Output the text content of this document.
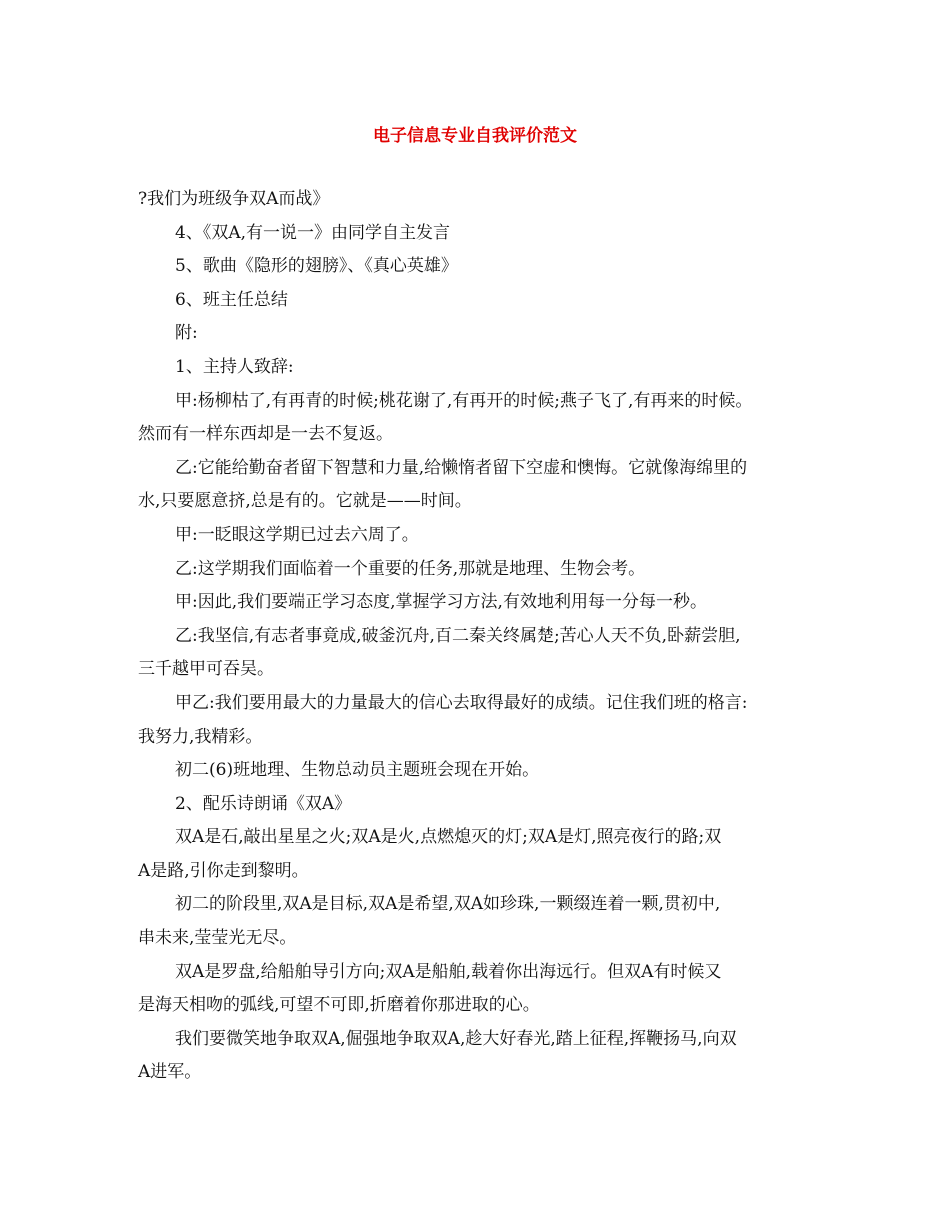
电子信息专业自我评价范文

?我们为班级争双A而战》

4、《双A,有一说一》由同学自主发言

5、歌曲《隐形的翅膀》、《真心英雄》

6、班主任总结

附:

1、主持人致辞:

甲:杨柳枯了,有再青的时候;桃花谢了,有再开的时候;燕子飞了,有再来的时候。

然而有一样东西却是一去不复返。

乙:它能给勤奋者留下智慧和力量,给懒惰者留下空虚和懊悔。它就像海绵里的

水,只要愿意挤,总是有的。它就是——时间。

甲:一眨眼这学期已过去六周了。

乙:这学期我们面临着一个重要的任务,那就是地理、生物会考。

甲:因此,我们要端正学习态度,掌握学习方法,有效地利用每一分每一秒。

乙:我坚信,有志者事竟成,破釜沉舟,百二秦关终属楚;苦心人天不负,卧薪尝胆,

三千越甲可吞吴。

甲乙:我们要用最大的力量最大的信心去取得最好的成绩。记住我们班的格言:

我努力,我精彩。

初二(6)班地理、生物总动员主题班会现在开始。

2、配乐诗朗诵《双A》

双A是石,敲出星星之火;双A是火,点燃熄灭的灯;双A是灯,照亮夜行的路;双

A是路,引你走到黎明。

初二的阶段里,双A是目标,双A是希望,双A如珍珠,一颗缀连着一颗,贯初中,

串未来,莹莹光无尽。

双A是罗盘,给船舶导引方向;双A是船舶,载着你出海远行。但双A有时候又

是海天相吻的弧线,可望不可即,折磨着你那进取的心。

我们要微笑地争取双A,倔强地争取双A,趁大好春光,踏上征程,挥鞭扬马,向双

A进军。
